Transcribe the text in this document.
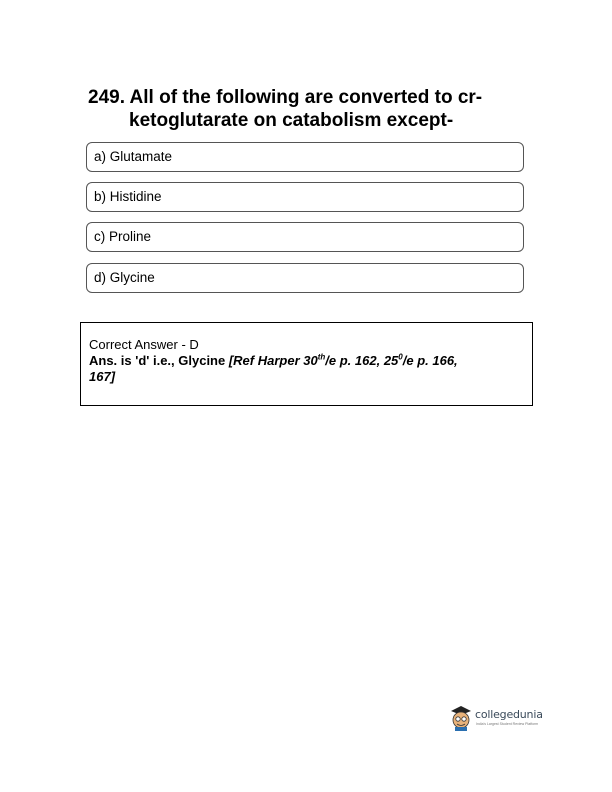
249. All of the following are converted to cr-
ketoglutarate on catabolism except-
a) Glutamate
b) Histidine
c) Proline
d) Glycine
Correct Answer - D
Ans. is 'd' i.e., Glycine [Ref Harper 30th/e p. 162, $25^0/e$ p. 166,
167]
collegedunia
India's Largest Student Review Platform
